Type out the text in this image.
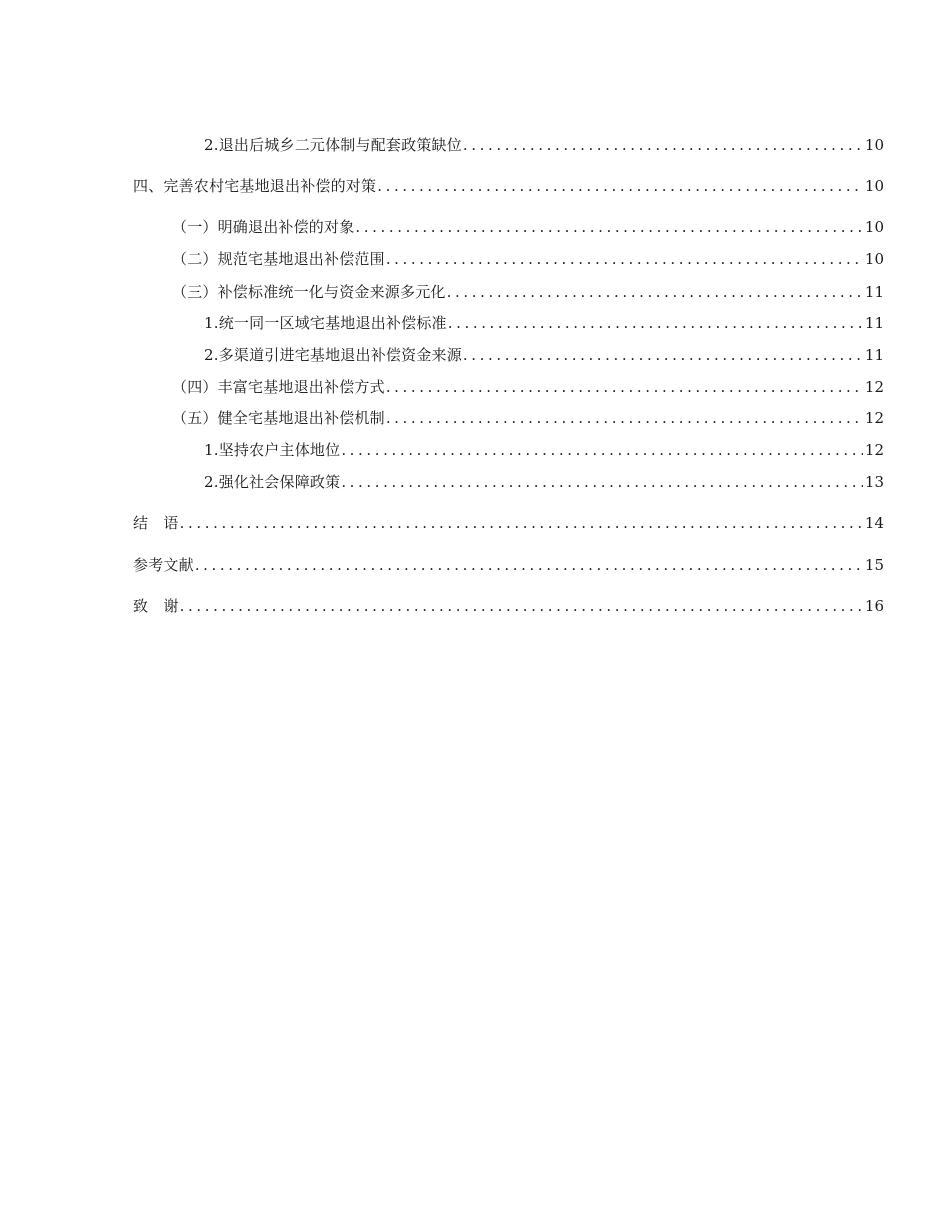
2.退出后城乡二元体制与配套政策缺位 .....	10
四、完善农村宅基地退出补偿的对策 .....	10
（一）明确退出补偿的对象 .....	10
（二）规范宅基地退出补偿范围 .....	10
（三）补偿标准统一化与资金来源多元化 .....	11
1.统一同一区域宅基地退出补偿标准 .....	11
2.多渠道引进宅基地退出补偿资金来源 .....	11
（四）丰富宅基地退出补偿方式 .....	12
（五）健全宅基地退出补偿机制 .....	12
1.坚持农户主体地位 .....	12
2.强化社会保障政策 .....	13
结　语 .....	14
参考文献 .....	15
致　谢 .....	16
